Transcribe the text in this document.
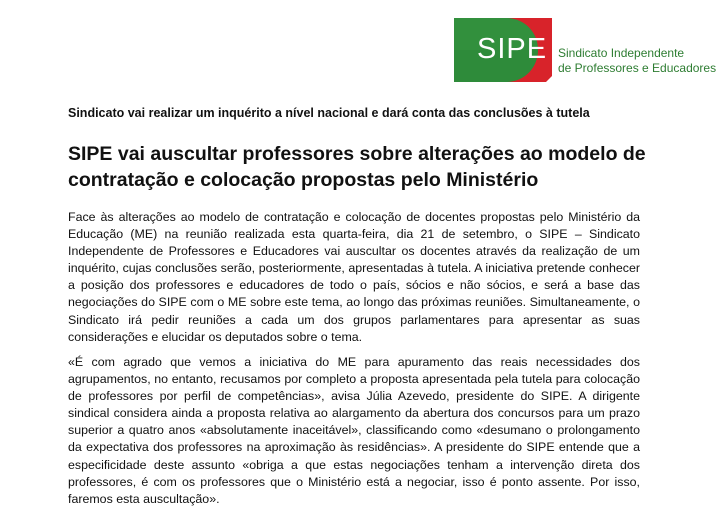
SIPE Sindicato Independente
de Professores e Educadores
Sindicato vai realizar um inquérito a nível nacional e dará conta das conclusões à tutela
SIPE vai auscultar professores sobre alterações ao modelo de contratação e colocação propostas pelo Ministério

Face às alterações ao modelo de contratação e colocação de docentes propostas pelo Ministério da Educação (ME) na reunião realizada esta quarta-feira, dia 21 de setembro, o SIPE – Sindicato Independente de Professores e Educadores vai auscultar os docentes através da realização de um inquérito, cujas conclusões serão, posteriormente, apresentadas à tutela. A iniciativa pretende conhecer a posição dos professores e educadores de todo o país, sócios e não sócios, e será a base das negociações do SIPE com o ME sobre este tema, ao longo das próximas reuniões. Simultaneamente, o Sindicato irá pedir reuniões a cada um dos grupos parlamentares para apresentar as suas considerações e elucidar os deputados sobre o tema.

«É com agrado que vemos a iniciativa do ME para apuramento das reais necessidades dos agrupamentos, no entanto, recusamos por completo a proposta apresentada pela tutela para colocação de professores por perfil de competências», avisa Júlia Azevedo, presidente do SIPE. A dirigente sindical considera ainda a proposta relativa ao alargamento da abertura dos concursos para um prazo superior a quatro anos «absolutamente inaceitável», classificando como «desumano o prolongamento da expectativa dos professores na aproximação às residências». A presidente do SIPE entende que a especificidade deste assunto «obriga a que estas negociações tenham a intervenção direta dos professores, é com os professores que o Ministério está a negociar, isso é ponto assente. Por isso, faremos esta auscultação».
